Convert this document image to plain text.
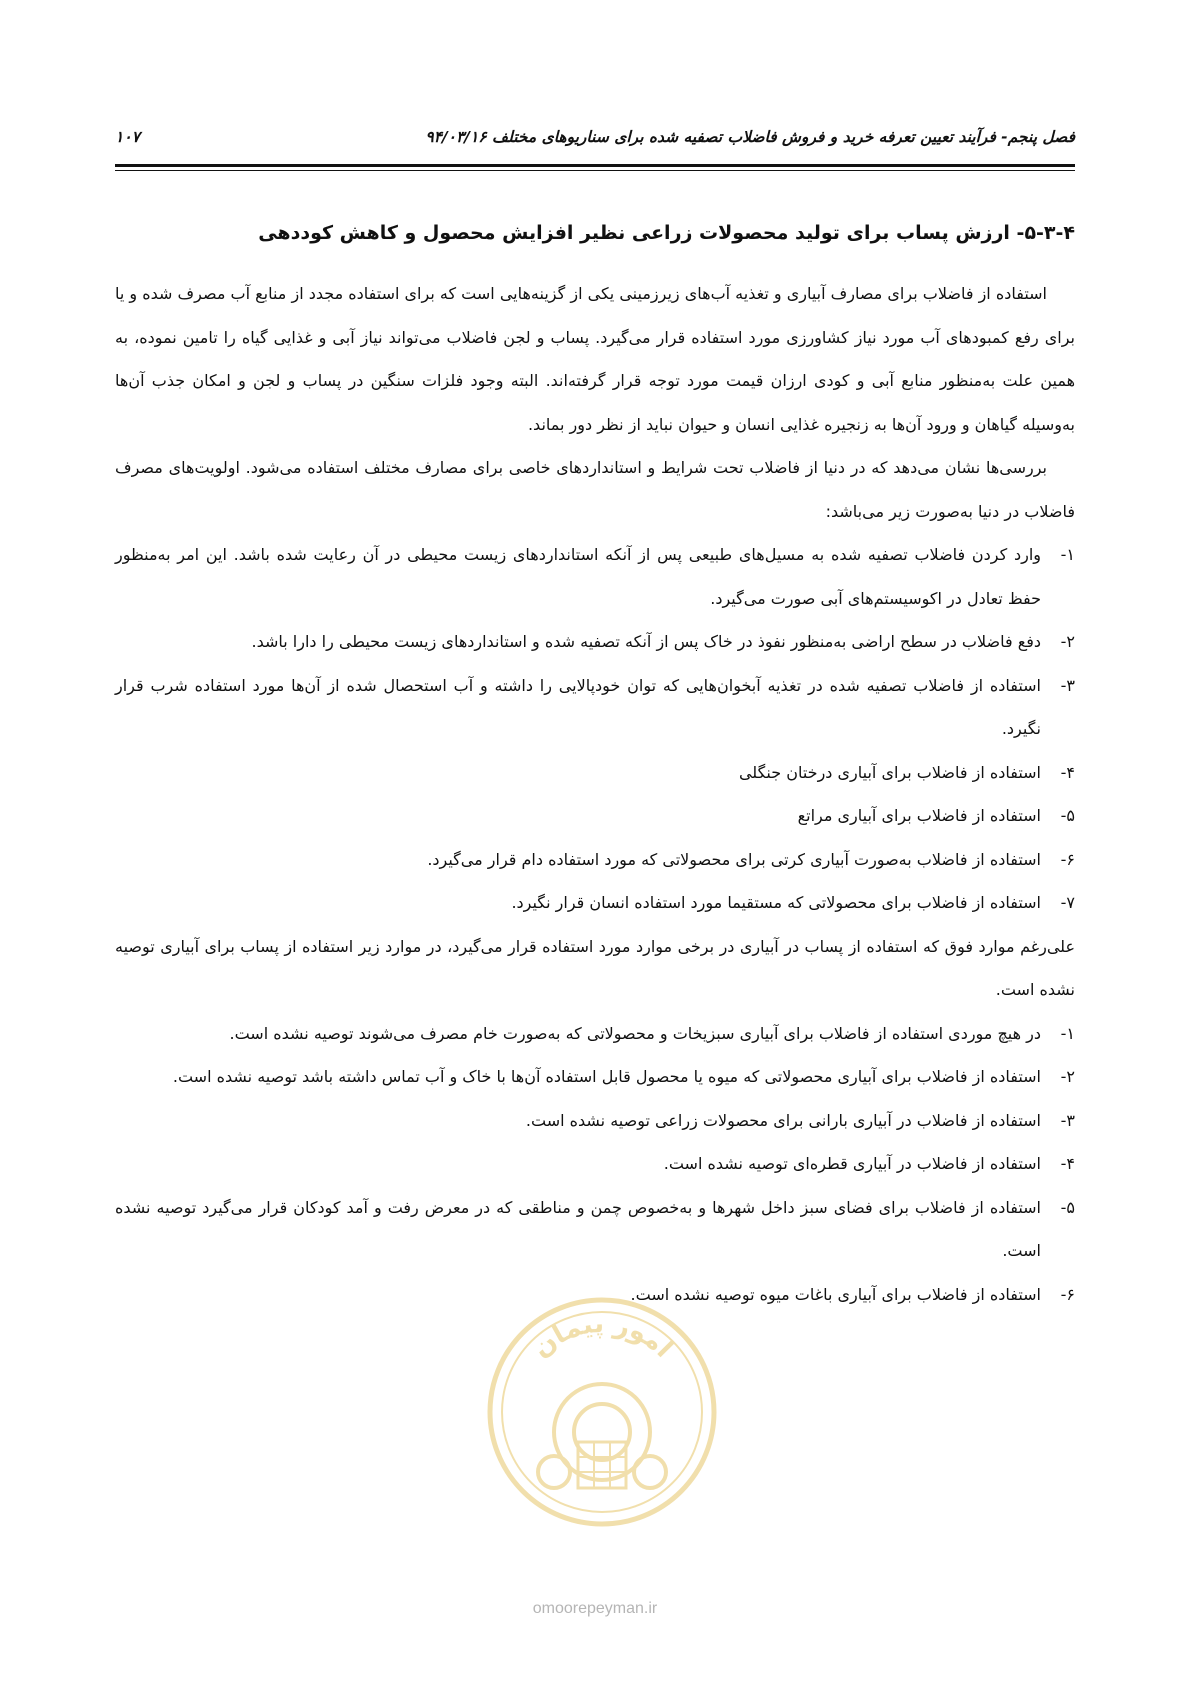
فصل پنجم- فرآیند تعیین تعرفه خرید و فروش فاضلاب تصفیه شده برای سناریوهای مختلف ۹۴/۰۳/۱۶
۱۰۷
۵-۳-۴- ارزش پساب برای تولید محصولات زراعی نظیر افزایش محصول و کاهش کوددهی

استفاده از فاضلاب برای مصارف آبیاری و تغذیه آب‌های زیرزمینی یکی از گزینه‌هایی است که برای استفاده مجدد از منابع آب مصرف شده و یا برای رفع کمبودهای آب مورد نیاز کشاورزی مورد استفاده قرار می‌گیرد. پساب و لجن فاضلاب می‌تواند نیاز آبی و غذایی گیاه را تامین نموده، به همین علت به‌منظور منابع آبی و کودی ارزان قیمت مورد توجه قرار گرفته‌اند. البته وجود فلزات سنگین در پساب و لجن و امکان جذب آن‌ها به‌وسیله گیاهان و ورود آن‌ها به زنجیره غذایی انسان و حیوان نباید از نظر دور بماند.

بررسی‌ها نشان می‌دهد که در دنیا از فاضلاب تحت شرایط و استانداردهای خاصی برای مصارف مختلف استفاده می‌شود. اولویت‌های مصرف فاضلاب در دنیا به‌صورت زیر می‌باشد:

۱-
وارد کردن فاضلاب تصفیه شده به مسیل‌های طبیعی پس از آنکه استانداردهای زیست محیطی در آن رعایت شده باشد. این امر به‌منظور حفظ تعادل در اکوسیستم‌های آبی صورت می‌گیرد.
۲-
دفع فاضلاب در سطح اراضی به‌منظور نفوذ در خاک پس از آنکه تصفیه شده و استانداردهای زیست محیطی را دارا باشد.
۳-
استفاده از فاضلاب تصفیه شده در تغذیه آبخوان‌هایی که توان خودپالایی را داشته و آب استحصال شده از آن‌ها مورد استفاده شرب قرار نگیرد.
۴-
استفاده از فاضلاب برای آبیاری درختان جنگلی
۵-
استفاده از فاضلاب برای آبیاری مراتع
۶-
استفاده از فاضلاب به‌صورت آبیاری کرتی برای محصولاتی که مورد استفاده دام قرار می‌گیرد.
۷-
استفاده از فاضلاب برای محصولاتی که مستقیما مورد استفاده انسان قرار نگیرد.

علی‌رغم موارد فوق که استفاده از پساب در آبیاری در برخی موارد مورد استفاده قرار می‌گیرد، در موارد زیر استفاده از پساب برای آبیاری توصیه نشده است.

۱-
در هیچ موردی استفاده از فاضلاب برای آبیاری سبزیخات و محصولاتی که به‌صورت خام مصرف می‌شوند توصیه نشده است.
۲-
استفاده از فاضلاب برای آبیاری محصولاتی که میوه یا محصول قابل استفاده آن‌ها با خاک و آب تماس داشته باشد توصیه نشده است.
۳-
استفاده از فاضلاب در آبیاری بارانی برای محصولات زراعی توصیه نشده است.
۴-
استفاده از فاضلاب در آبیاری قطره‌ای توصیه نشده است.
۵-
استفاده از فاضلاب برای فضای سبز داخل شهرها و به‌خصوص چمن و مناطقی که در معرض رفت و آمد کودکان قرار می‌گیرد توصیه نشده است.
۶-
استفاده از فاضلاب برای آبیاری باغات میوه توصیه نشده است.
امور پیمان
omoorepeyman.ir
